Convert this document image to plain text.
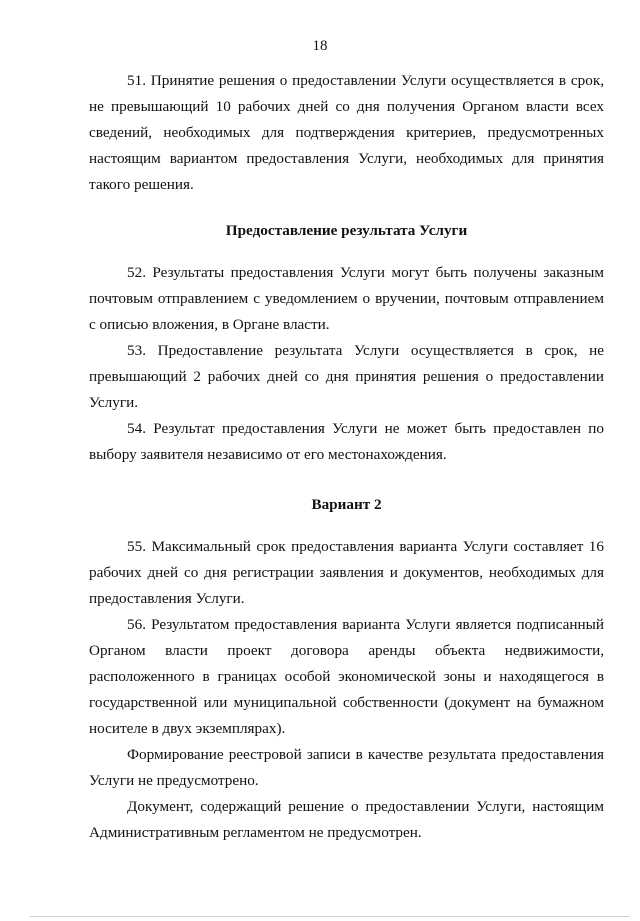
18

51. Принятие решения о предоставлении Услуги осуществляется в срок, не превышающий 10 рабочих дней со дня получения Органом власти всех сведений, необходимых для подтверждения критериев, предусмотренных настоящим вариантом предоставления Услуги, необходимых для принятия такого решения.

Предоставление результата Услуги

52. Результаты предоставления Услуги могут быть получены заказным почтовым отправлением с уведомлением о вручении, почтовым отправлением с описью вложения, в Органе власти.

53. Предоставление результата Услуги осуществляется в срок, не превышающий 2 рабочих дней со дня принятия решения о предоставлении Услуги.

54. Результат предоставления Услуги не может быть предоставлен по выбору заявителя независимо от его местонахождения.

Вариант 2

55. Максимальный срок предоставления варианта Услуги составляет 16 рабочих дней со дня регистрации заявления и документов, необходимых для предоставления Услуги.

56. Результатом предоставления варианта Услуги является подписанный Органом власти проект договора аренды объекта недвижимости, расположенного в границах особой экономической зоны и находящегося в государственной или муниципальной собственности (документ на бумажном носителе в двух экземплярах).

Формирование реестровой записи в качестве результата предоставления Услуги не предусмотрено.

Документ, содержащий решение о предоставлении Услуги, настоящим Административным регламентом не предусмотрен.
